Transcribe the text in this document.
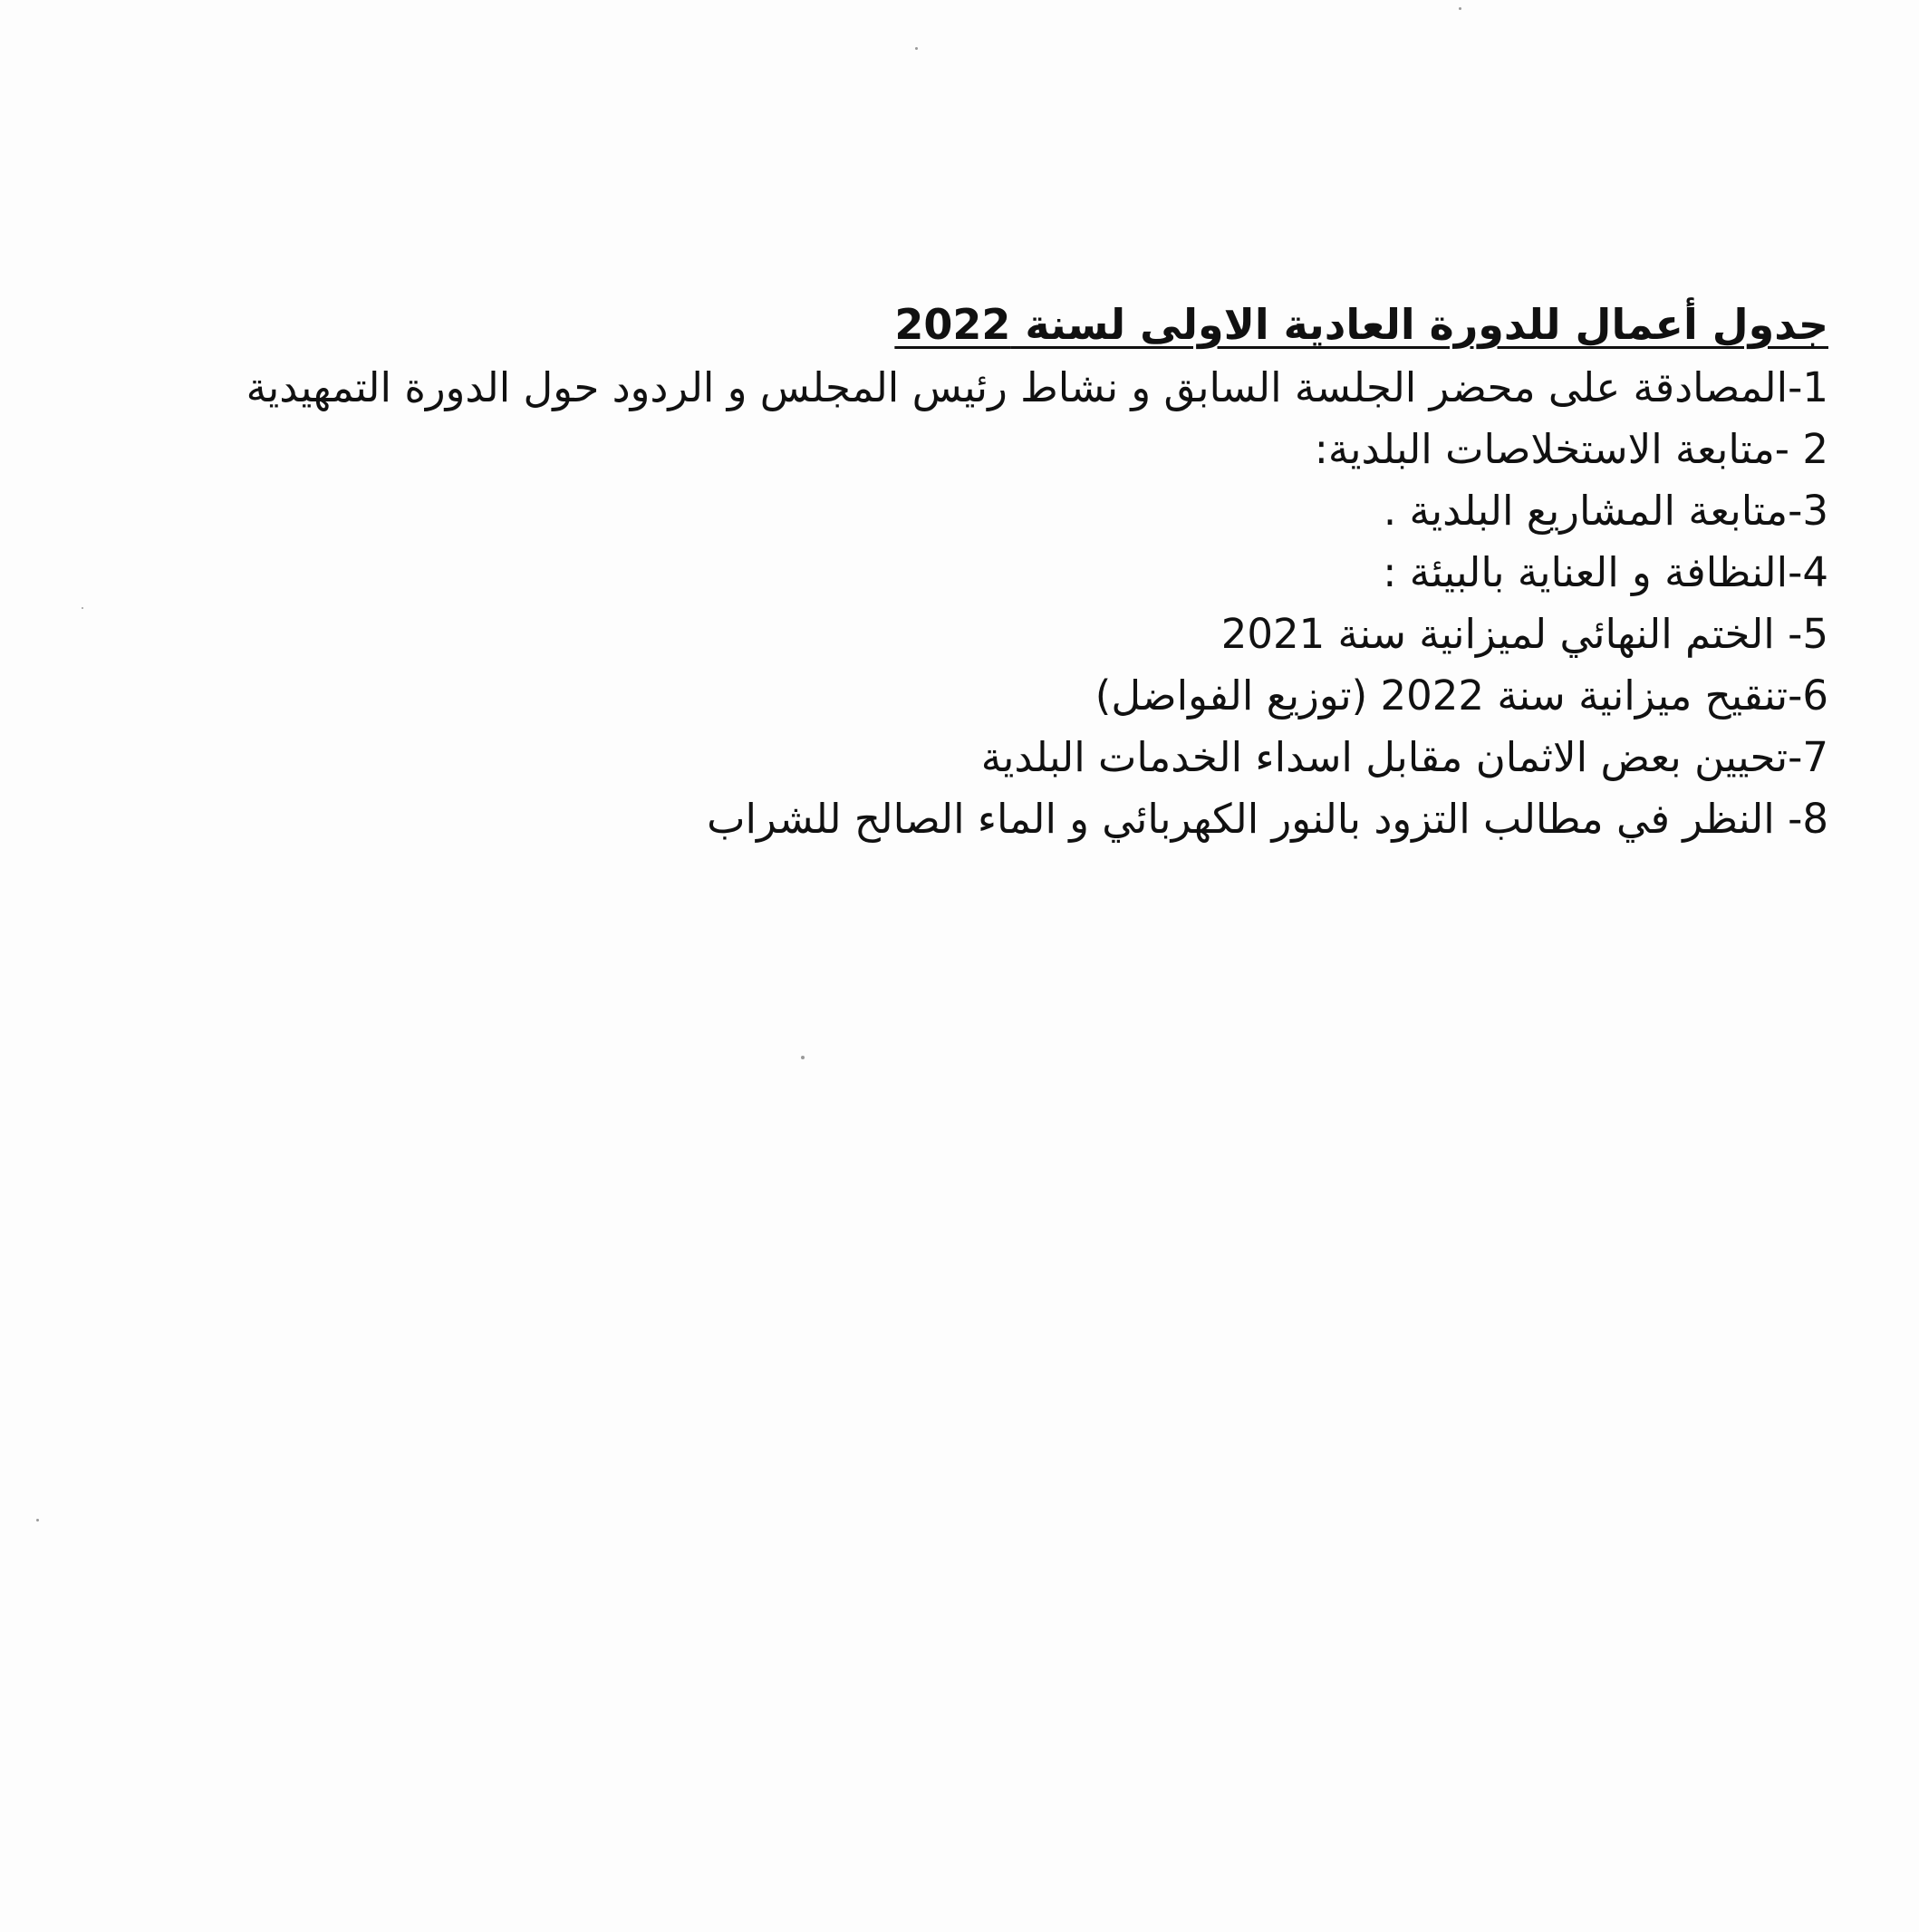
جدول أعمال للدورة العادية الاولى لسنة 2022
1-المصادقة على محضر الجلسة السابق و نشاط رئيس المجلس و الردود حول الدورة التمهيدية
2 -متابعة الاستخلاصات البلدية:
3-متابعة المشاريع البلدية .
4-النظافة و العناية بالبيئة :
5- الختم النهائي لميزانية سنة 2021
6-تنقيح ميزانية سنة 2022 (توزيع الفواضل)
7-تحيين بعض الاثمان مقابل اسداء الخدمات البلدية
8- النظر في مطالب التزود بالنور الكهربائي و الماء الصالح للشراب
